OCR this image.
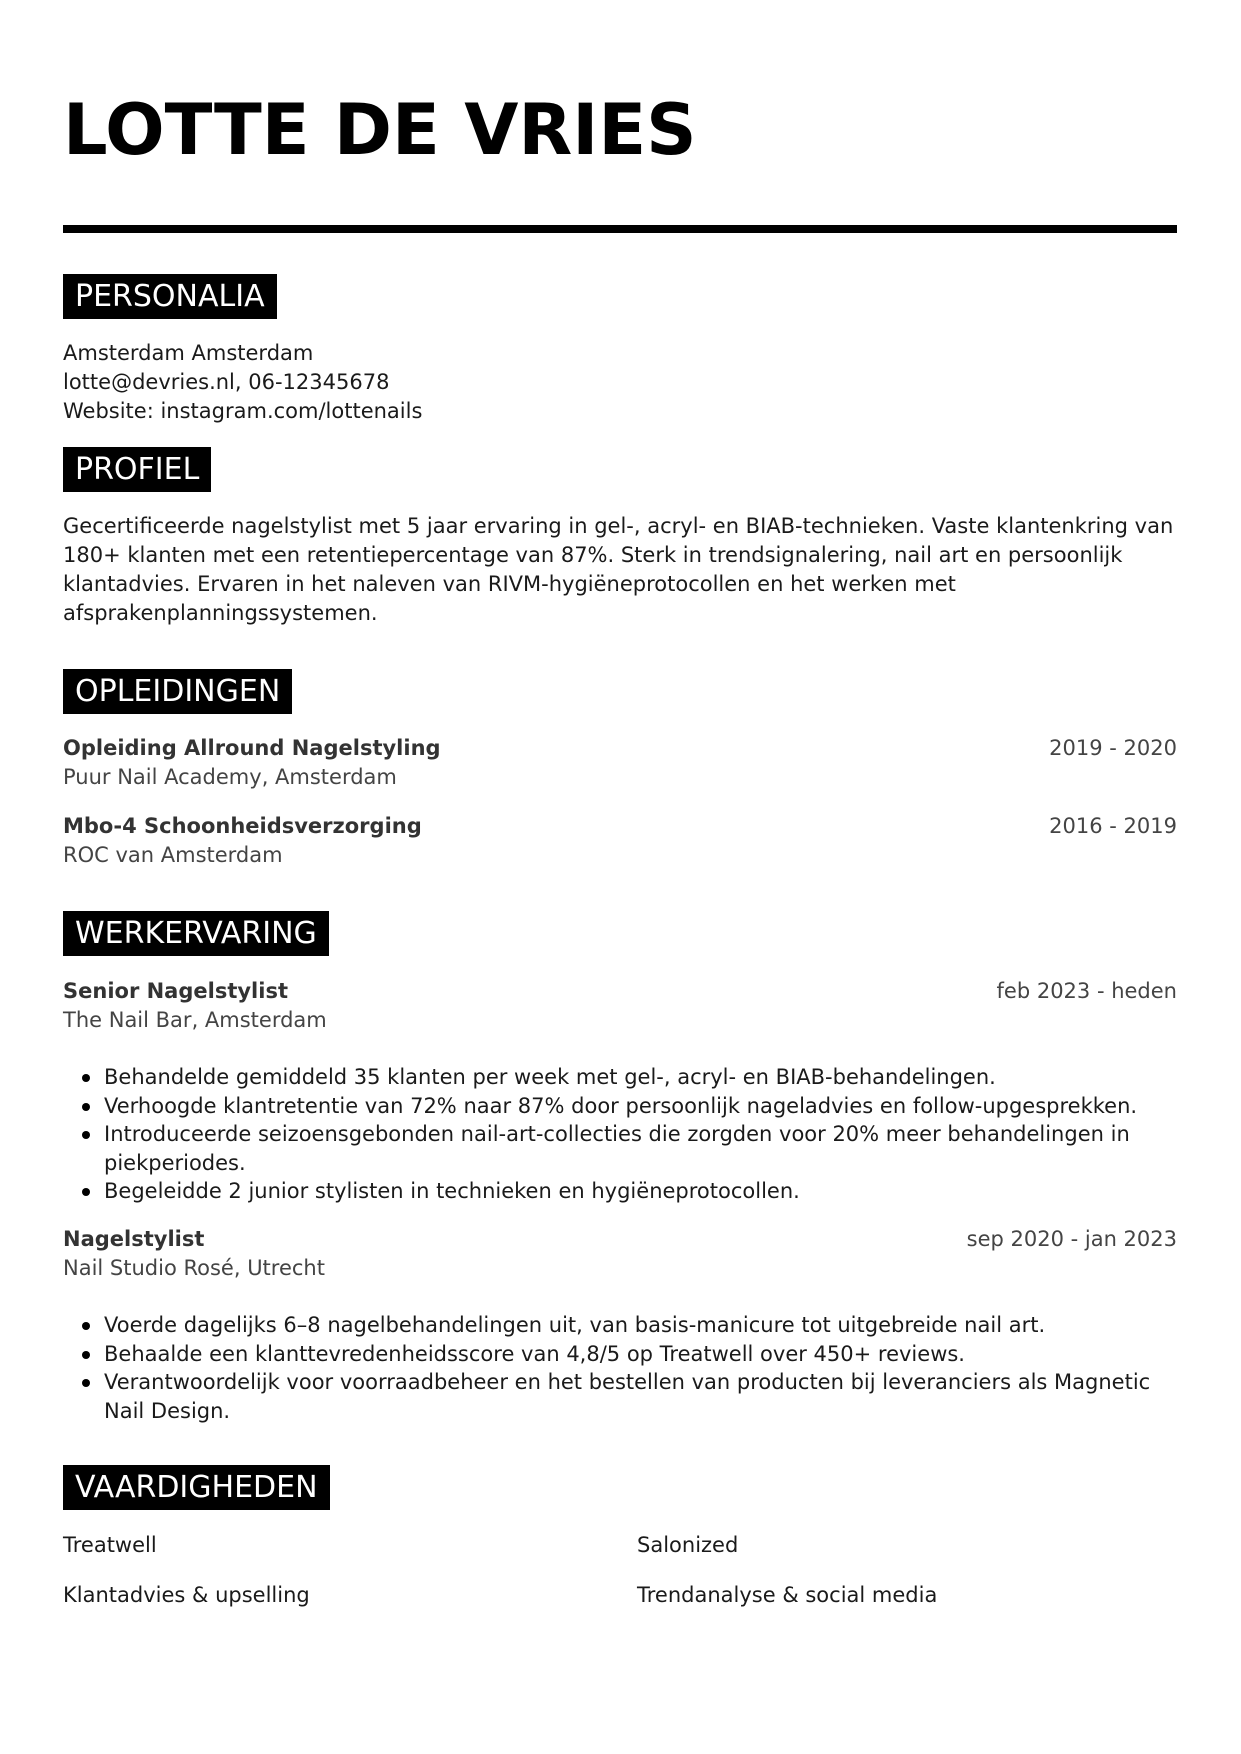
LOTTE DE VRIES
PERSONALIA
Amsterdam Amsterdam
lotte@devries.nl, 06-12345678
Website: instagram.com/lottenails
PROFIEL
Gecertificeerde nagelstylist met 5 jaar ervaring in gel-, acryl- en BIAB-technieken. Vaste klantenkring van 180+ klanten met een retentiepercentage van 87%. Sterk in trendsignalering, nail art en persoonlijk klantadvies. Ervaren in het naleven van RIVM-hygiëneprotocollen en het werken met afsprakenplanningssystemen.
OPLEIDINGEN
Opleiding Allround Nagelstyling	2019 - 2020
Puur Nail Academy, Amsterdam
Mbo-4 Schoonheidsverzorging	2016 - 2019
ROC van Amsterdam
WERKERVARING
Senior Nagelstylist	feb 2023 - heden
The Nail Bar, Amsterdam
Behandelde gemiddeld 35 klanten per week met gel-, acryl- en BIAB-behandelingen.
Verhoogde klantretentie van 72% naar 87% door persoonlijk nageladvies en follow-upgesprekken.
Introduceerde seizoensgebonden nail-art-collecties die zorgden voor 20% meer behandelingen in piekperiodes.
Begeleidde 2 junior stylisten in technieken en hygiëneprotocollen.
Nagelstylist	sep 2020 - jan 2023
Nail Studio Rosé, Utrecht
Voerde dagelijks 6–8 nagelbehandelingen uit, van basis-manicure tot uitgebreide nail art.
Behaalde een klanttevredenheidsscore van 4,8/5 op Treatwell over 450+ reviews.
Verantwoordelijk voor voorraadbeheer en het bestellen van producten bij leveranciers als Magnetic Nail Design.
VAARDIGHEDEN
Treatwell	Salonized
Klantadvies & upselling	Trendanalyse & social media
